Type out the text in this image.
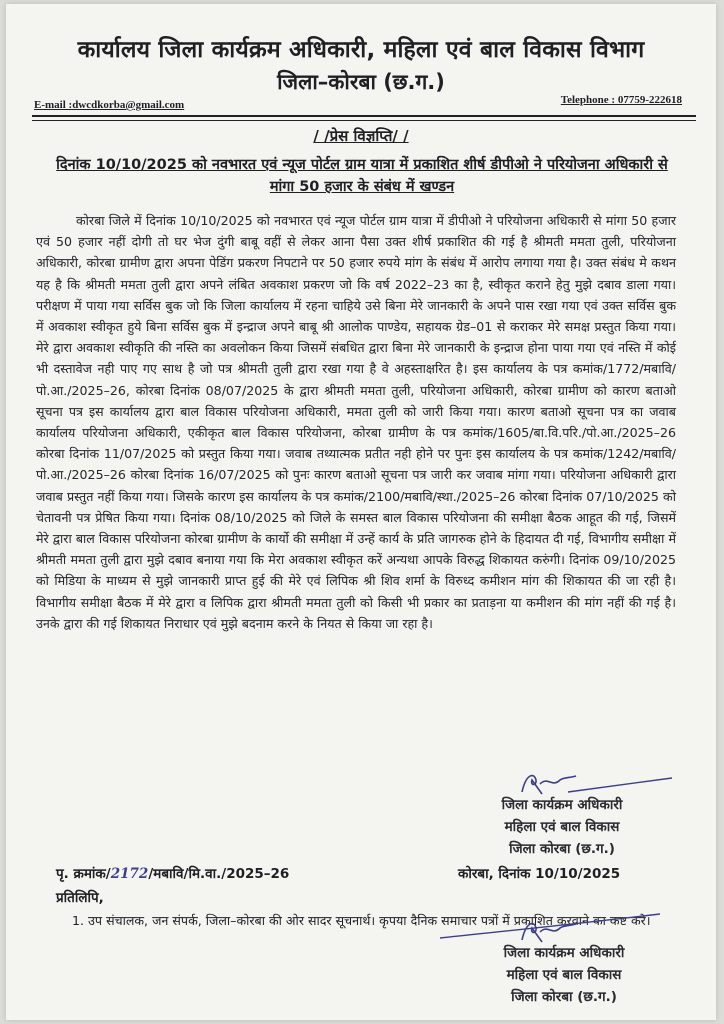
कार्यालय जिला कार्यक्रम अधिकारी, महिला एवं बाल विकास विभाग
जिला–कोरबा (छ.ग.)
E-mail :dwcdkorba@gmail.com	Telephone : 07759-222618
/ /प्रेस विज्ञप्ति/ /
दिनांक 10/10/2025 को नवभारत एवं न्यूज पोर्टल ग्राम यात्रा में प्रकाशित शीर्ष डीपीओ ने परियोजना अधिकारी से मांगा 50 हजार के संबंध में खण्डन
कोरबा जिले में दिनांक 10/10/2025 को नवभारत एवं न्यूज पोर्टल ग्राम यात्रा में डीपीओ ने परियोजना अधिकारी से मांगा 50 हजार एवं 50 हजार नहीं दोगी तो घर भेज दुंगी बाबू वहीं से लेकर आना पैसा उक्त शीर्ष प्रकाशित की गई है श्रीमती ममता तुली, परियोजना अधिकारी, कोरबा ग्रामीण द्वारा अपना पेडिंग प्रकरण निपटाने पर 50 हजार रुपये मांग के संबंध में आरोप लगाया गया है। उक्त संबंध मे कथन यह है कि श्रीमती ममता तुली द्वारा अपने लंबित अवकाश प्रकरण जो कि वर्ष 2022–23 का है, स्वीकृत कराने हेतु मुझे दबाव डाला गया। परीक्षण में पाया गया सर्विस बुक जो कि जिला कार्यालय में रहना चाहिये उसे बिना मेरे जानकारी के अपने पास रखा गया एवं उक्त सर्विस बुक में अवकाश स्वीकृत हुये बिना सर्विस बुक में इन्द्राज अपने बाबू श्री आलोक पाण्डेय, सहायक ग्रेड–01 से कराकर मेरे समक्ष प्रस्तुत किया गया। मेरे द्वारा अवकाश स्वीकृति की नस्ति का अवलोकन किया जिसमें संबधित द्वारा बिना मेरे जानकारी के इन्द्राज होना पाया गया एवं नस्ति में कोई भी दस्तावेज नही पाए गए साथ है जो पत्र श्रीमती तुली द्वारा रखा गया है वे अहस्ताक्षरित है। इस कार्यालय के पत्र कमांक/1772/मबावि/पो.आ./2025–26, कोरबा दिनांक 08/07/2025 के द्वारा श्रीमती ममता तुली, परियोजना अधिकारी, कोरबा ग्रामीण को कारण बताओ सूचना पत्र इस कार्यालय द्वारा बाल विकास परियोजना अधिकारी, ममता तुली को जारी किया गया। कारण बताओ सूचना पत्र का जवाब कार्यालय परियोजना अधिकारी, एकीकृत बाल विकास परियोजना, कोरबा ग्रामीण के पत्र कमांक/1605/बा.वि.परि./पो.आ./2025–26 कोरबा दिनांक 11/07/2025 को प्रस्तुत किया गया। जवाब तथ्यात्मक प्रतीत नही होने पर पुनः इस कार्यालय के पत्र कमांक/1242/मबावि/पो.आ./2025–26 कोरबा दिनांक 16/07/2025 को पुनः कारण बताओ सूचना पत्र जारी कर जवाब मांगा गया। परियोजना अधिकारी द्वारा जवाब प्रस्तुत नहीं किया गया। जिसके कारण इस कार्यालय के पत्र कमांक/2100/मबावि/स्था./2025–26 कोरबा दिनांक 07/10/2025 को चेतावनी पत्र प्रेषित किया गया। दिनांक 08/10/2025 को जिले के समस्त बाल विकास परियोजना की समीक्षा बैठक आहूत की गई, जिसमें मेरे द्वारा बाल विकास परियोजना कोरबा ग्रामीण के कार्यो की समीक्षा में उन्हें कार्य के प्रति जागरुक होने के हिदायत दी गई, विभागीय समीक्षा में श्रीमती ममता तुली द्वारा मुझे दबाव बनाया गया कि मेरा अवकाश स्वीकृत करें अन्यथा आपके विरुद्ध शिकायत करुंगी। दिनांक 09/10/2025 को मिडिया के माध्यम से मुझे जानकारी प्राप्त हुई की मेरे एवं लिपिक श्री शिव शर्मा के विरुध्द कमीशन मांग की शिकायत की जा रही है। विभागीय समीक्षा बैठक में मेरे द्वारा व लिपिक द्वारा श्रीमती ममता तुली को किसी भी प्रकार का प्रताड़ना या कमीशन की मांग नहीं की गई है। उनके द्वारा की गई शिकायत निराधार एवं मुझे बदनाम करने के नियत से किया जा रहा है।
जिला कार्यक्रम अधिकारी
महिला एवं बाल विकास
जिला कोरबा (छ.ग.)
पृ. क्रमांक/2172/मबावि/मि.वा./2025–26	कोरबा, दिनांक 10/10/2025
प्रतिलिपि,
1. उप संचालक, जन संपर्क, जिला–कोरबा की ओर सादर सूचनार्थ। कृपया दैनिक समाचार पत्रों में प्रकाशित करवाने का कष्ट करे।
जिला कार्यक्रम अधिकारी
महिला एवं बाल विकास
जिला कोरबा (छ.ग.)
